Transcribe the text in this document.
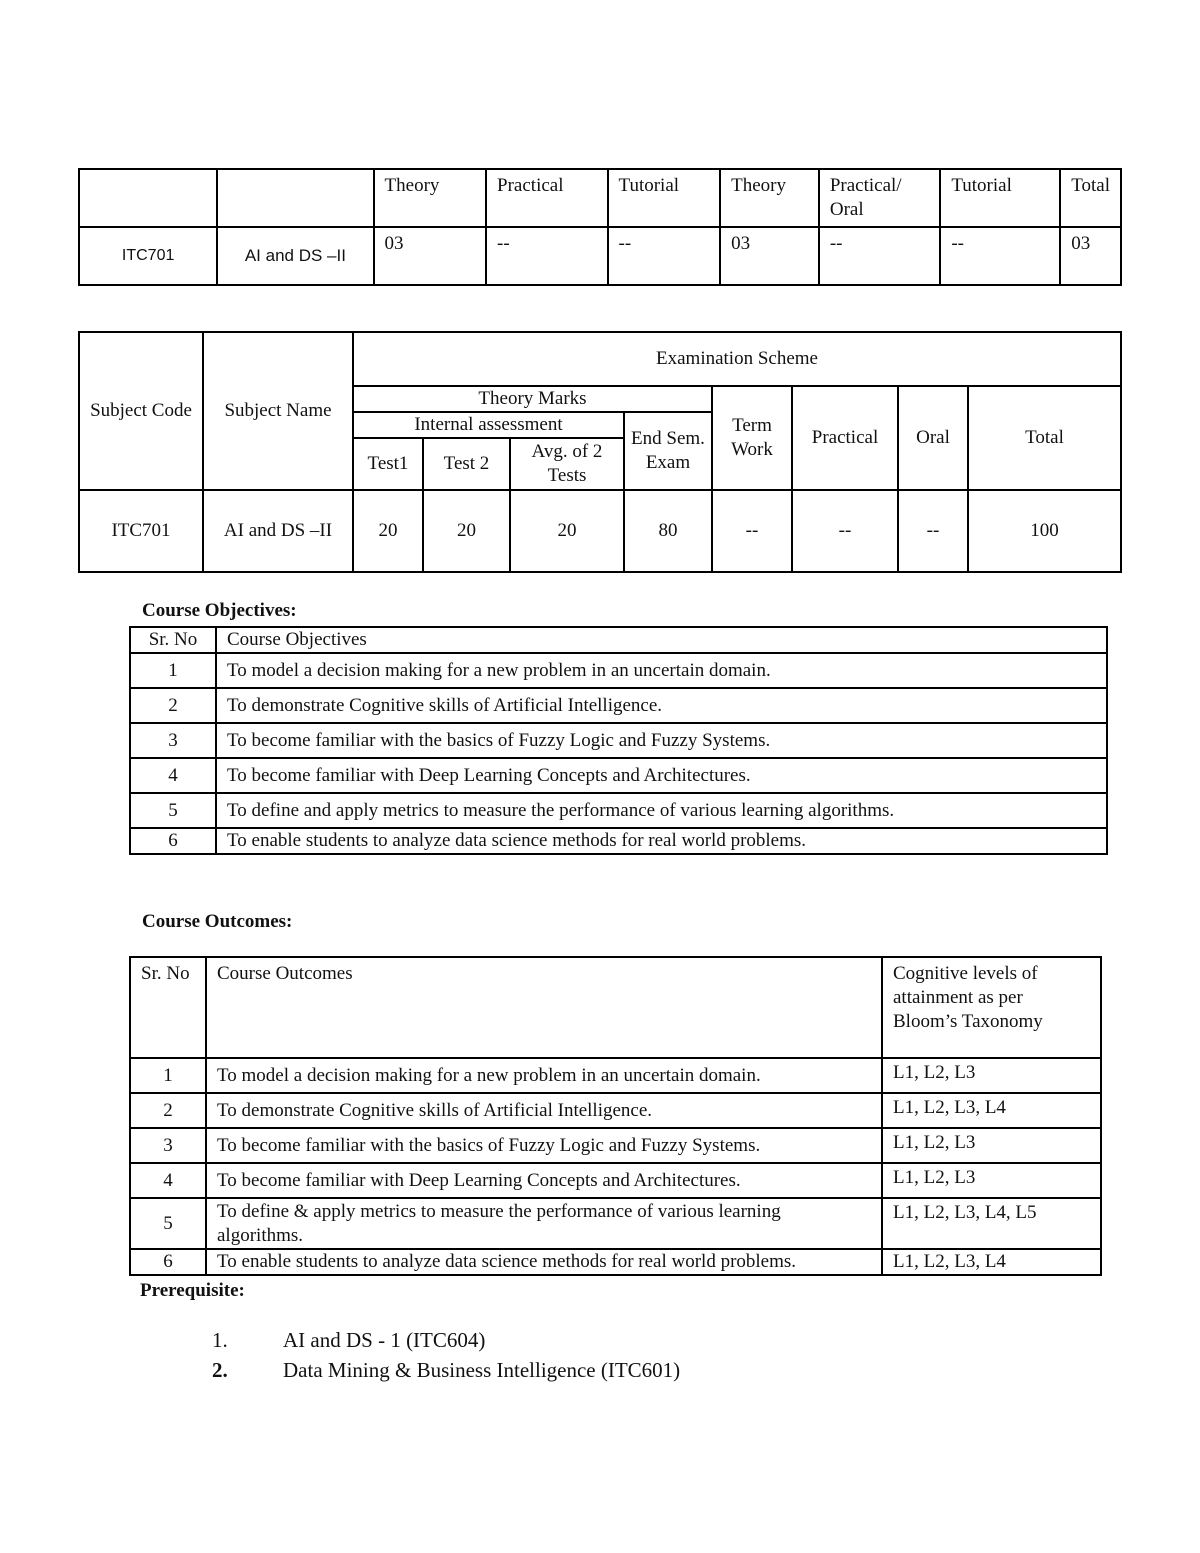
		Theory	Practical	Tutorial	Theory	Practical/ Oral	Tutorial	Total
ITC701	AI and DS –II	03	--	--	03	--	--	03
Subject Code	Subject Name	Examination Scheme							
		Theory Marks				Term Work	Practical	Oral	Total
		Internal assessment			End Sem. Exam				
		Test1	Test 2	Avg. of 2 Tests					
ITC701	AI and DS –II	20	20	20	80	--	--	--	100
Course Objectives:
Sr. No	Course Objectives
1	To model a decision making for a new problem in an uncertain domain.
2	To demonstrate Cognitive skills of Artificial Intelligence.
3	To become familiar with the basics of Fuzzy Logic and Fuzzy Systems.
4	To become familiar with Deep Learning Concepts and Architectures.
5	To define and apply metrics to measure the performance of various learning algorithms.
6	To enable students to analyze data science methods for real world problems.
Course Outcomes:
Sr. No	Course Outcomes	Cognitive levels of attainment as per Bloom’s Taxonomy
1	To model a decision making for a new problem in an uncertain domain.	L1, L2, L3
2	To demonstrate Cognitive skills of Artificial Intelligence.	L1, L2, L3, L4
3	To become familiar with the basics of Fuzzy Logic and Fuzzy Systems.	L1, L2, L3
4	To become familiar with Deep Learning Concepts and Architectures.	L1, L2, L3
5	To define & apply metrics to measure the performance of various learning algorithms.	L1, L2, L3, L4, L5
6	To enable students to analyze data science methods for real world problems.	L1, L2, L3, L4
Prerequisite:
1.	AI and DS - 1 (ITC604)
2.	Data Mining & Business Intelligence (ITC601)
